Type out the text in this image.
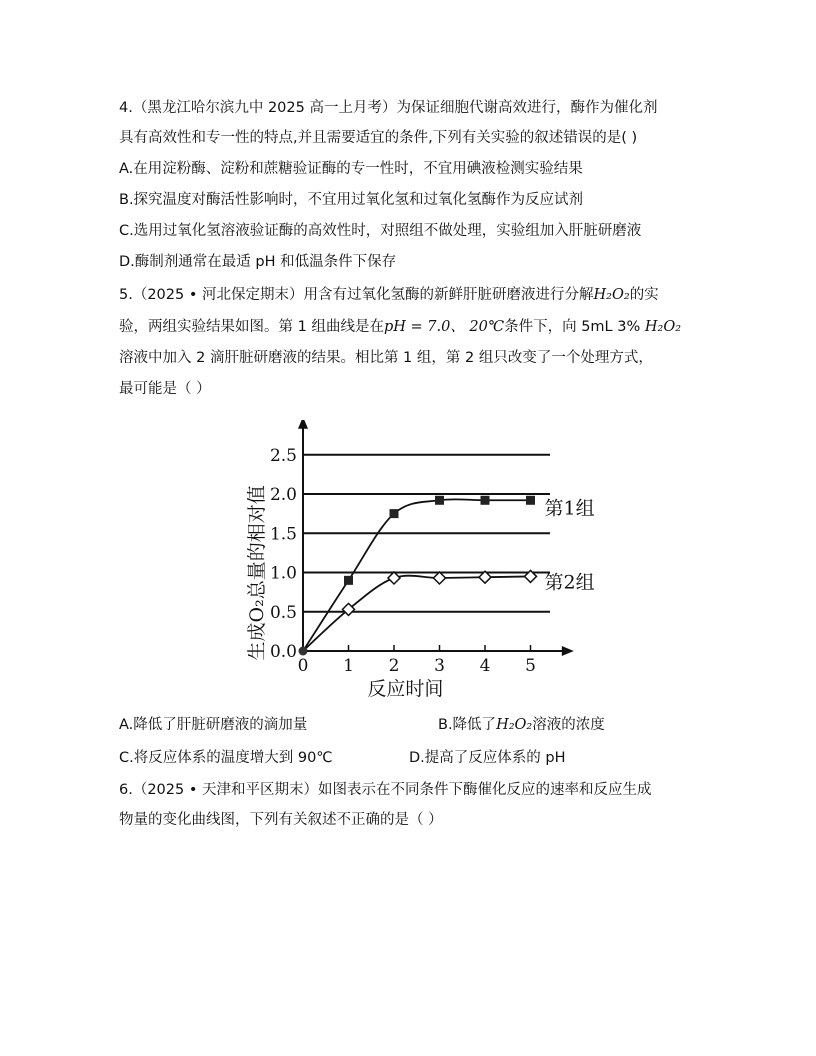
4.（黑龙江哈尔滨九中 2025 高一上月考）为保证细胞代谢高效进行，酶作为催化剂
具有高效性和专一性的特点,并且需要适宜的条件,下列有关实验的叙述错误的是( )
A.在用淀粉酶、淀粉和蔗糖验证酶的专一性时，不宜用碘液检测实验结果
B.探究温度对酶活性影响时，不宜用过氧化氢和过氧化氢酶作为反应试剂
C.选用过氧化氢溶液验证酶的高效性时，对照组不做处理，实验组加入肝脏研磨液
D.酶制剂通常在最适 pH 和低温条件下保存
5.（2025 • 河北保定期末）用含有过氧化氢酶的新鲜肝脏研磨液进行分解H₂O₂的实
验，两组实验结果如图。第 1 组曲线是在pH = 7.0、 20℃条件下，向 5mL 3% H₂O₂
溶液中加入 2 滴肝脏研磨液的结果。相比第 1 组，第 2 组只改变了一个处理方式，
最可能是（ ）
0 1 2 3 4 5
0.0
0.5
1.0
1.5
2.0
2.5
反应时间
生成O₂总量的相对值	第1组
第2组
A.降低了肝脏研磨液的滴加量	B.降低了H₂O₂溶液的浓度
C.将反应体系的温度增大到 90℃	D.提高了反应体系的 pH
6.（2025 • 天津和平区期末）如图表示在不同条件下酶催化反应的速率和反应生成
物量的变化曲线图，下列有关叙述不正确的是（ ）
